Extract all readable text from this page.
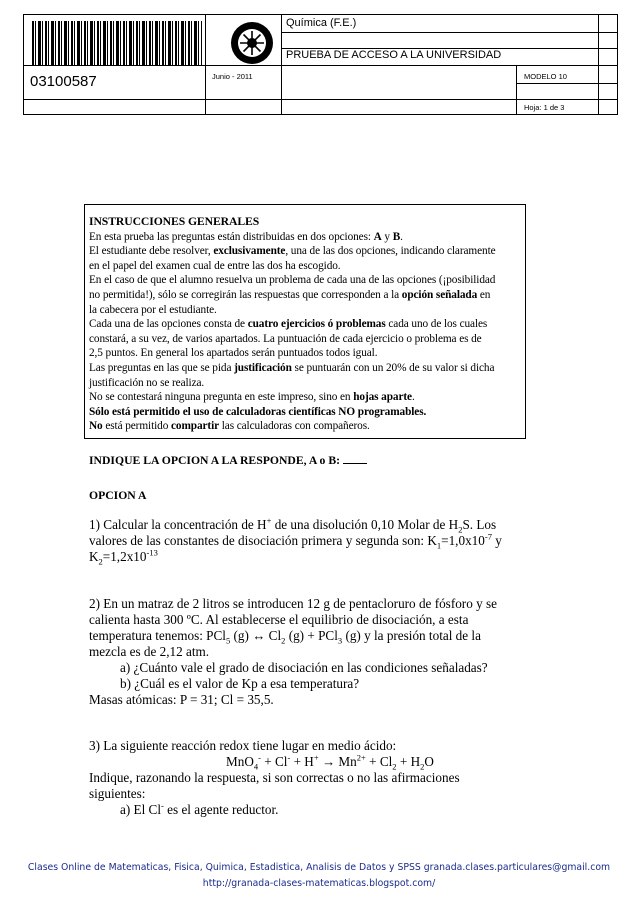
03100587	Junio - 2011
Química (F.E.)
PRUEBA DE ACCESO A LA UNIVERSIDAD
MODELO 10
Hoja: 1 de 3

INSTRUCCIONES GENERALES

En esta prueba las preguntas están distribuidas en dos opciones: A y B.

El estudiante debe resolver, exclusivamente, una de las dos opciones, indicando claramente

en el papel del examen cual de entre las dos ha escogido.

En el caso de que el alumno resuelva un problema de cada una de las opciones (¡posibilidad

no permitida!), sólo se corregirán las respuestas que corresponden a la opción señalada en

la cabecera por el estudiante.

Cada una de las opciones consta de cuatro ejercicios ó problemas cada uno de los cuales

constará, a su vez, de varios apartados. La puntuación de cada ejercicio o problema es de

2,5 puntos. En general los apartados serán puntuados todos igual.

Las preguntas en las que se pida justificación se puntuarán con un 20% de su valor si dicha

justificación no se realiza.

No se contestará ninguna pregunta en este impreso, sino en hojas aparte.

Sólo está permitido el uso de calculadoras científicas NO programables.

No está permitido compartir las calculadoras con compañeros.

INDIQUE LA OPCION A LA RESPONDE, A o B:
OPCION A

1) Calcular la concentración de H+ de una disolución 0,10 Molar de $H_2S$. Los

valores de las constantes de disociación primera y segunda son: $K_1=1,0x10^{-7}$ y

$K_2=1,2x10^{-13}$

2) En un matraz de 2 litros se introducen 12 g de pentacloruro de fósforo y se

calienta hasta 300 ºC. Al establecerse el equilibrio de disociación, a esta

temperatura tenemos: PCl$_5$ (g) ↔ $Cl_2$ (g) + PCl$_3$ (g) y la presión total de la

mezcla es de 2,12 atm.

a) ¿Cuánto vale el grado de disociación en las condiciones señaladas?

b) ¿Cuál es el valor de Kp a esa temperatura?

Masas atómicas: P = 31; Cl = 35,5.

3) La siguiente reacción redox tiene lugar en medio ácido:

$MnO_4^- + Cl^- + H^+ \to Mn^{2+} + Cl_2 + H_2O$

Indique, razonando la respuesta, si son correctas o no las afirmaciones

siguientes:

a) El Cl- es el agente reductor.

Clases Online de Matematicas, Fisica, Quimica, Estadistica, Analisis de Datos y SPSS granada.clases.particulares@gmail.com
http://granada-clases-matematicas.blogspot.com/
